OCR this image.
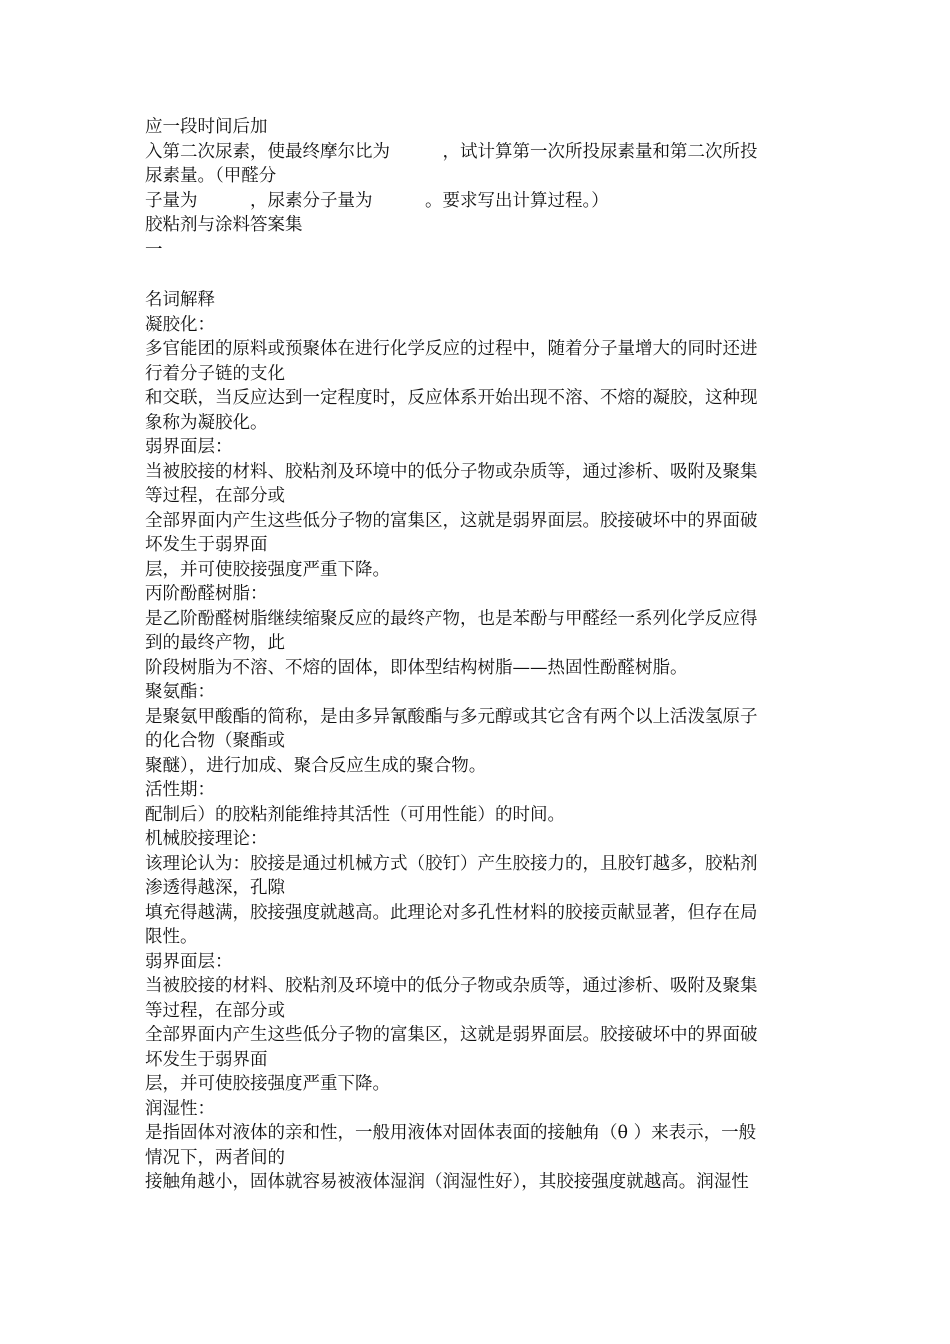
应一段时间后加
入第二次尿素，使最终摩尔比为　　　，试计算第一次所投尿素量和第二次所投
尿素量。（甲醛分
子量为　　　，尿素分子量为　　　。要求写出计算过程。）
胶粘剂与涂料答案集
一
名词解释
凝胶化：
多官能团的原料或预聚体在进行化学反应的过程中，随着分子量增大的同时还进
行着分子链的支化
和交联，当反应达到一定程度时，反应体系开始出现不溶、不熔的凝胶，这种现
象称为凝胶化。
弱界面层：
当被胶接的材料、胶粘剂及环境中的低分子物或杂质等，通过渗析、吸附及聚集
等过程，在部分或
全部界面内产生这些低分子物的富集区，这就是弱界面层。胶接破坏中的界面破
坏发生于弱界面
层，并可使胶接强度严重下降。
丙阶酚醛树脂：
是乙阶酚醛树脂继续缩聚反应的最终产物，也是苯酚与甲醛经一系列化学反应得
到的最终产物，此
阶段树脂为不溶、不熔的固体，即体型结构树脂——热固性酚醛树脂。
聚氨酯：
是聚氨甲酸酯的简称，是由多异氰酸酯与多元醇或其它含有两个以上活泼氢原子
的化合物（聚酯或
聚醚），进行加成、聚合反应生成的聚合物。
活性期：
配制后）的胶粘剂能维持其活性（可用性能）的时间。
机械胶接理论：
该理论认为：胶接是通过机械方式（胶钉）产生胶接力的，且胶钉越多，胶粘剂
渗透得越深，孔隙
填充得越满，胶接强度就越高。此理论对多孔性材料的胶接贡献显著，但存在局
限性。
弱界面层：
当被胶接的材料、胶粘剂及环境中的低分子物或杂质等，通过渗析、吸附及聚集
等过程，在部分或
全部界面内产生这些低分子物的富集区，这就是弱界面层。胶接破坏中的界面破
坏发生于弱界面
层，并可使胶接强度严重下降。
润湿性：
是指固体对液体的亲和性，一般用液体对固体表面的接触角（θ ）来表示，一般
情况下，两者间的
接触角越小，固体就容易被液体湿润（润湿性好），其胶接强度就越高。润湿性
